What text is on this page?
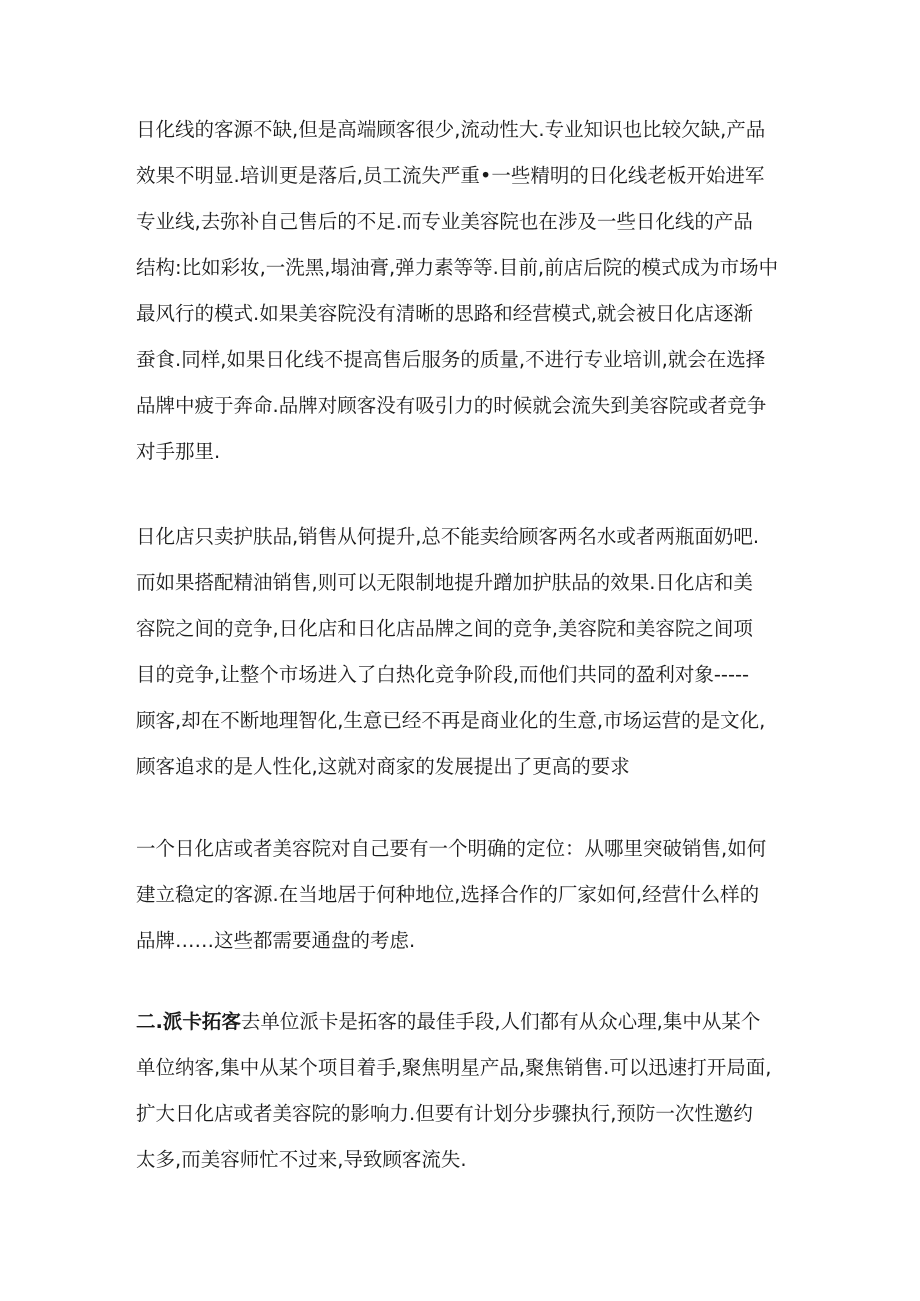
日化线的客源不缺,但是高端顾客很少,流动性大.专业知识也比较欠缺,产品
效果不明显.培训更是落后,员工流失严重•一些精明的日化线老板开始进军
专业线,去弥补自己售后的不足.而专业美容院也在涉及一些日化线的产品
结构:比如彩妆,一洗黑,塌油膏,弹力素等等.目前,前店后院的模式成为市场中
最风行的模式.如果美容院没有清晰的思路和经营模式,就会被日化店逐渐
蚕食.同样,如果日化线不提高售后服务的质量,不进行专业培训,就会在选择
品牌中疲于奔命.品牌对顾客没有吸引力的时候就会流失到美容院或者竞争
对手那里.
日化店只卖护肤品,销售从何提升,总不能卖给顾客两名水或者两瓶面奶吧.
而如果搭配精油销售,则可以无限制地提升蹭加护肤品的效果.日化店和美
容院之间的竞争,日化店和日化店品牌之间的竞争,美容院和美容院之间项
目的竞争,让整个市场进入了白热化竞争阶段,而他们共同的盈利对象-----
顾客,却在不断地理智化,生意已经不再是商业化的生意,市场运营的是文化,
顾客追求的是人性化,这就对商家的发展提出了更高的要求
一个日化店或者美容院对自己要有一个明确的定位：从哪里突破销售,如何
建立稳定的客源.在当地居于何种地位,选择合作的厂家如何,经营什么样的
品牌……这些都需要通盘的考虑.
二.派卡拓客去单位派卡是拓客的最佳手段,人们都有从众心理,集中从某个
单位纳客,集中从某个项目着手,聚焦明星产品,聚焦销售.可以迅速打开局面,
扩大日化店或者美容院的影响力.但要有计划分步骤执行,预防一次性邀约
太多,而美容师忙不过来,导致顾客流失.
